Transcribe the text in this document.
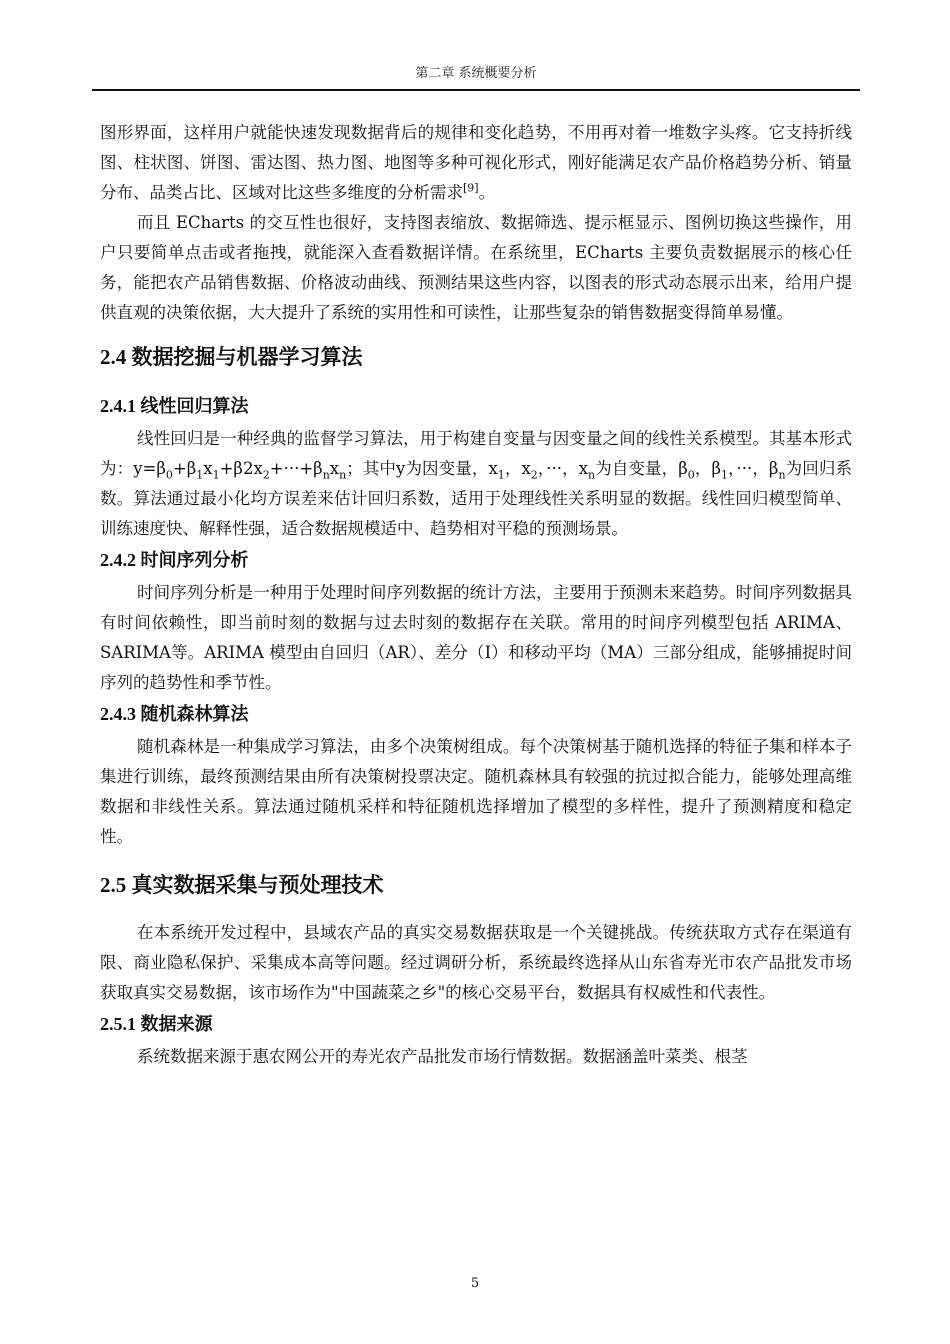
第二章 系统概要分析

图形界面，这样用户就能快速发现数据背后的规律和变化趋势，不用再对着一堆数字头疼。它支持折线图、柱状图、饼图、雷达图、热力图、地图等多种可视化形式，刚好能满足农产品价格趋势分析、销量分布、品类占比、区域对比这些多维度的分析需求[9]。

而且 ECharts 的交互性也很好，支持图表缩放、数据筛选、提示框显示、图例切换这些操作，用户只要简单点击或者拖拽，就能深入查看数据详情。在系统里，ECharts 主要负责数据展示的核心任务，能把农产品销售数据、价格波动曲线、预测结果这些内容，以图表的形式动态展示出来，给用户提供直观的决策依据，大大提升了系统的实用性和可读性，让那些复杂的销售数据变得简单易懂。

2.4 数据挖掘与机器学习算法
2.4.1 线性回归算法

线性回归是一种经典的监督学习算法，用于构建自变量与因变量之间的线性关系模型。其基本形式为：$y=\beta_0+\beta_1x_1+\beta 2x_2+\cdot\cdot\cdot+\beta_nx_n$；其中y为因变量，$x_1$，$x_2$，···，$x_n$为自变量，$\beta_0$，$\beta_1$，···，$\beta_n$为回归系数。算法通过最小化均方误差来估计回归系数，适用于处理线性关系明显的数据。线性回归模型简单、训练速度快、解释性强，适合数据规模适中、趋势相对平稳的预测场景。

2.4.2 时间序列分析

时间序列分析是一种用于处理时间序列数据的统计方法，主要用于预测未来趋势。时间序列数据具有时间依赖性，即当前时刻的数据与过去时刻的数据存在关联。常用的时间序列模型包括 ARIMA、SARIMA等。ARIMA 模型由自回归（AR）、差分（I）和移动平均（MA）三部分组成，能够捕捉时间序列的趋势性和季节性。

2.4.3 随机森林算法

随机森林是一种集成学习算法，由多个决策树组成。每个决策树基于随机选择的特征子集和样本子集进行训练，最终预测结果由所有决策树投票决定。随机森林具有较强的抗过拟合能力，能够处理高维数据和非线性关系。算法通过随机采样和特征随机选择增加了模型的多样性，提升了预测精度和稳定性。

2.5 真实数据采集与预处理技术

在本系统开发过程中，县域农产品的真实交易数据获取是一个关键挑战。传统获取方式存在渠道有限、商业隐私保护、采集成本高等问题。经过调研分析，系统最终选择从山东省寿光市农产品批发市场 获取真实交易数据，该市场作为"中国蔬菜之乡"的核心交易平台，数据具有权威性和代表性。

2.5.1 数据来源

系统数据来源于惠农网公开的寿光农产品批发市场行情数据。数据涵盖叶菜类、根茎

5
